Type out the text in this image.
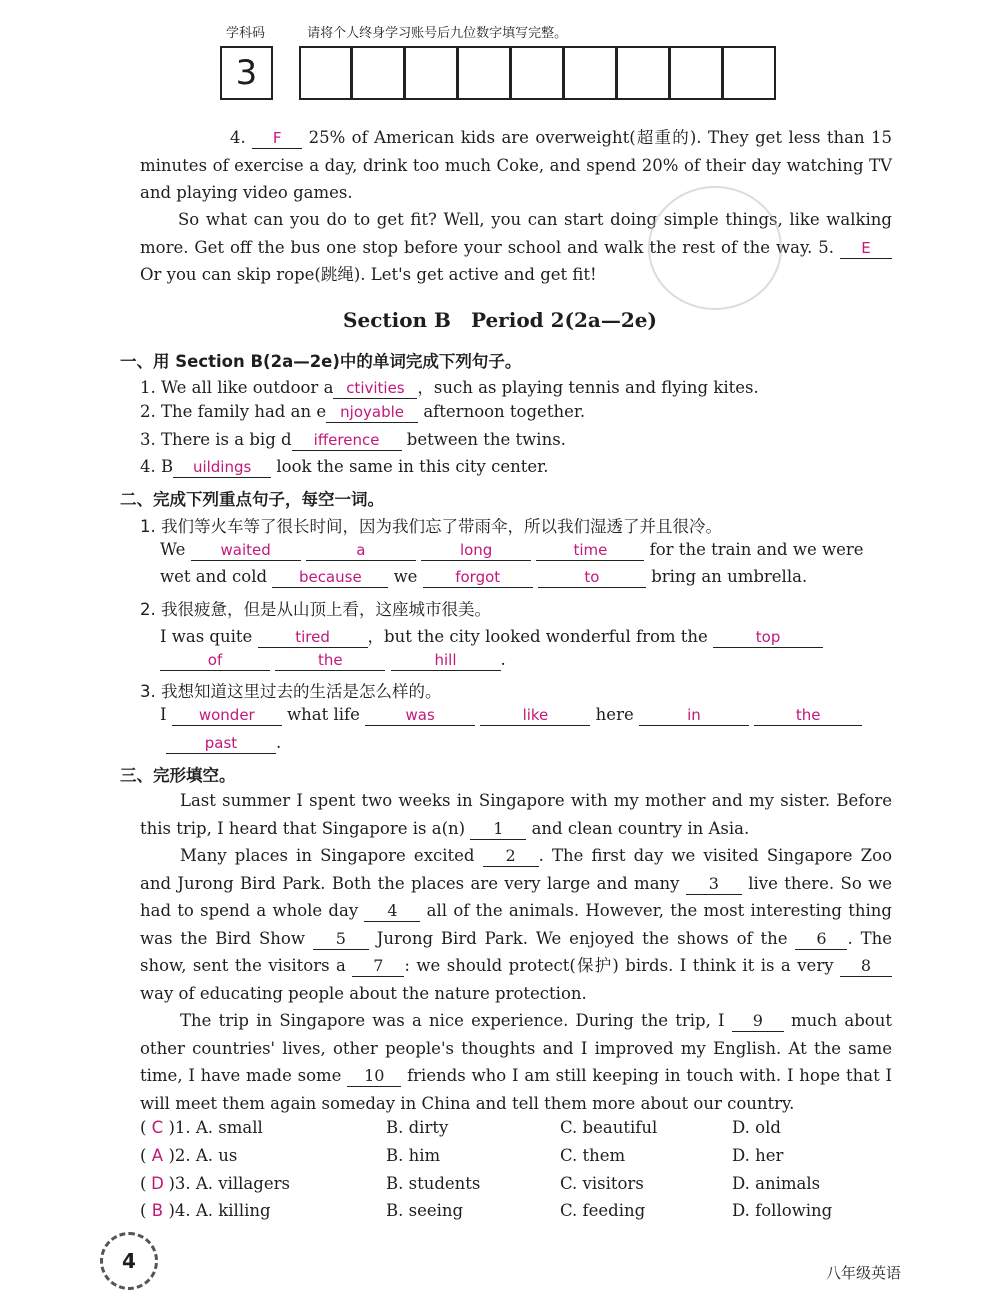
学科码	请将个人终身学习账号后九位数字填写完整。
3
4. F 25% of American kids are overweight(超重的). They get less than 15 minutes of exercise a day, drink too much Coke, and spend 20% of their day watching TV and playing video games.
So what can you do to get fit? Well, you can start doing simple things, like walking more. Get off the bus one stop before your school and walk the rest of the way. 5. E Or you can skip rope(跳绳). Let's get active and get fit!
Section B　Period 2(2a—2e)
一、用 Section B(2a—2e)中的单词完成下列句子。
1. We all like outdoor a ctivities ，such as playing tennis and flying kites.
2. The family had an e njoyable afternoon together.
3. There is a big d ifference between the twins.
4. B uildings look the same in this city center.
二、完成下列重点句子，每空一词。
1. 我们等火车等了很长时间，因为我们忘了带雨伞，所以我们湿透了并且很冷。
We waited	a	long	time	for the train and we were
wet and cold because we	forgot	to	bring an umbrella.
2. 我很疲惫，但是从山顶上看，这座城市很美。
I was quite	tired ，but the city looked wonderful from the	top
of	the	hill	.
3. 我想知道这里过去的生活是怎么样的。
I wonder what life	was	like	here	in	the
past .
三、完形填空。
Last summer I spent two weeks in Singapore with my mother and my sister. Before this trip, I heard that Singapore is a(n) 1 and clean country in Asia.
Many places in Singapore excited 2 . The first day we visited Singapore Zoo and Jurong Bird Park. Both the places are very large and many 3 live there. So we had to spend a whole day 4 all of the animals. However, the most interesting thing was the Bird Show 5 Jurong Bird Park. We enjoyed the shows of the 6 . The show, sent the visitors a 7 : we should protect(保护) birds. I think it is a very 8 way of educating people about the nature protection.
The trip in Singapore was a nice experience. During the trip, I 9 much about other countries' lives, other people's thoughts and I improved my English. At the same time, I have made some 10 friends who I am still keeping in touch with. I hope that I will meet them again someday in China and tell them more about our country.
( C )1. A. small	B. dirty	C. beautiful	D. old
( A )2. A. us	B. him	C. them	D. her
( D )3. A. villagers	B. students	C. visitors	D. animals
( B )4. A. killing	B. seeing	C. feeding	D. following
4	八年级英语
